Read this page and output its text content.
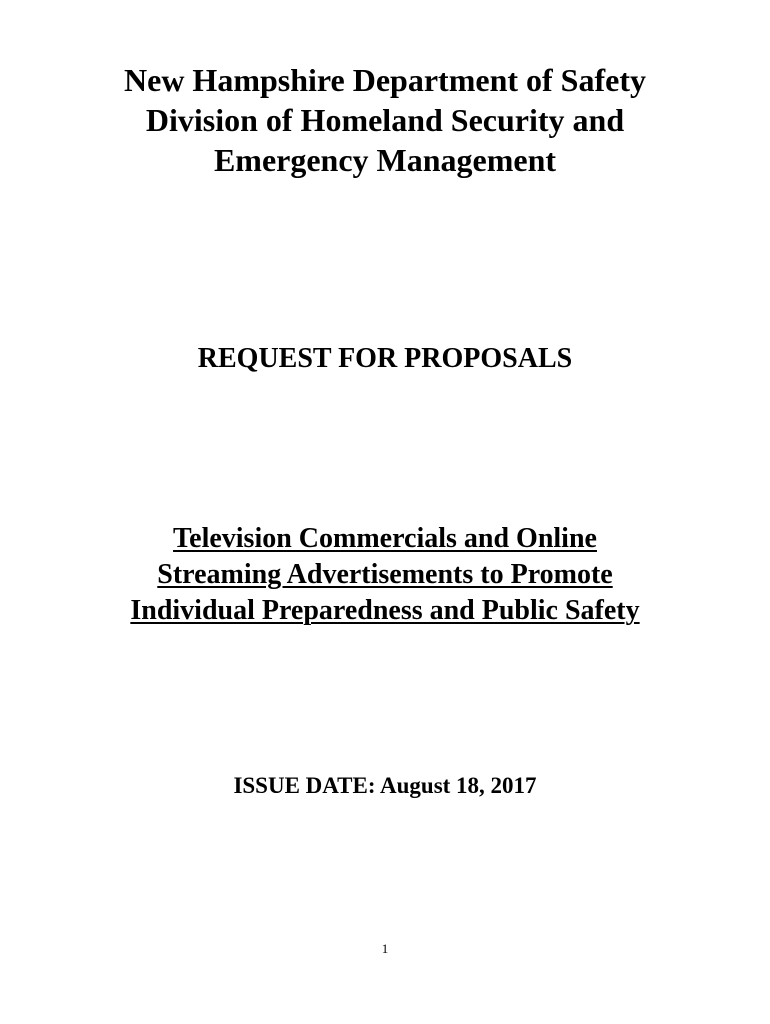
New Hampshire Department of Safety
Division of Homeland Security and
Emergency Management
REQUEST FOR PROPOSALS
Television Commercials and Online
Streaming Advertisements to Promote
Individual Preparedness and Public Safety
ISSUE DATE: August 18, 2017
1
